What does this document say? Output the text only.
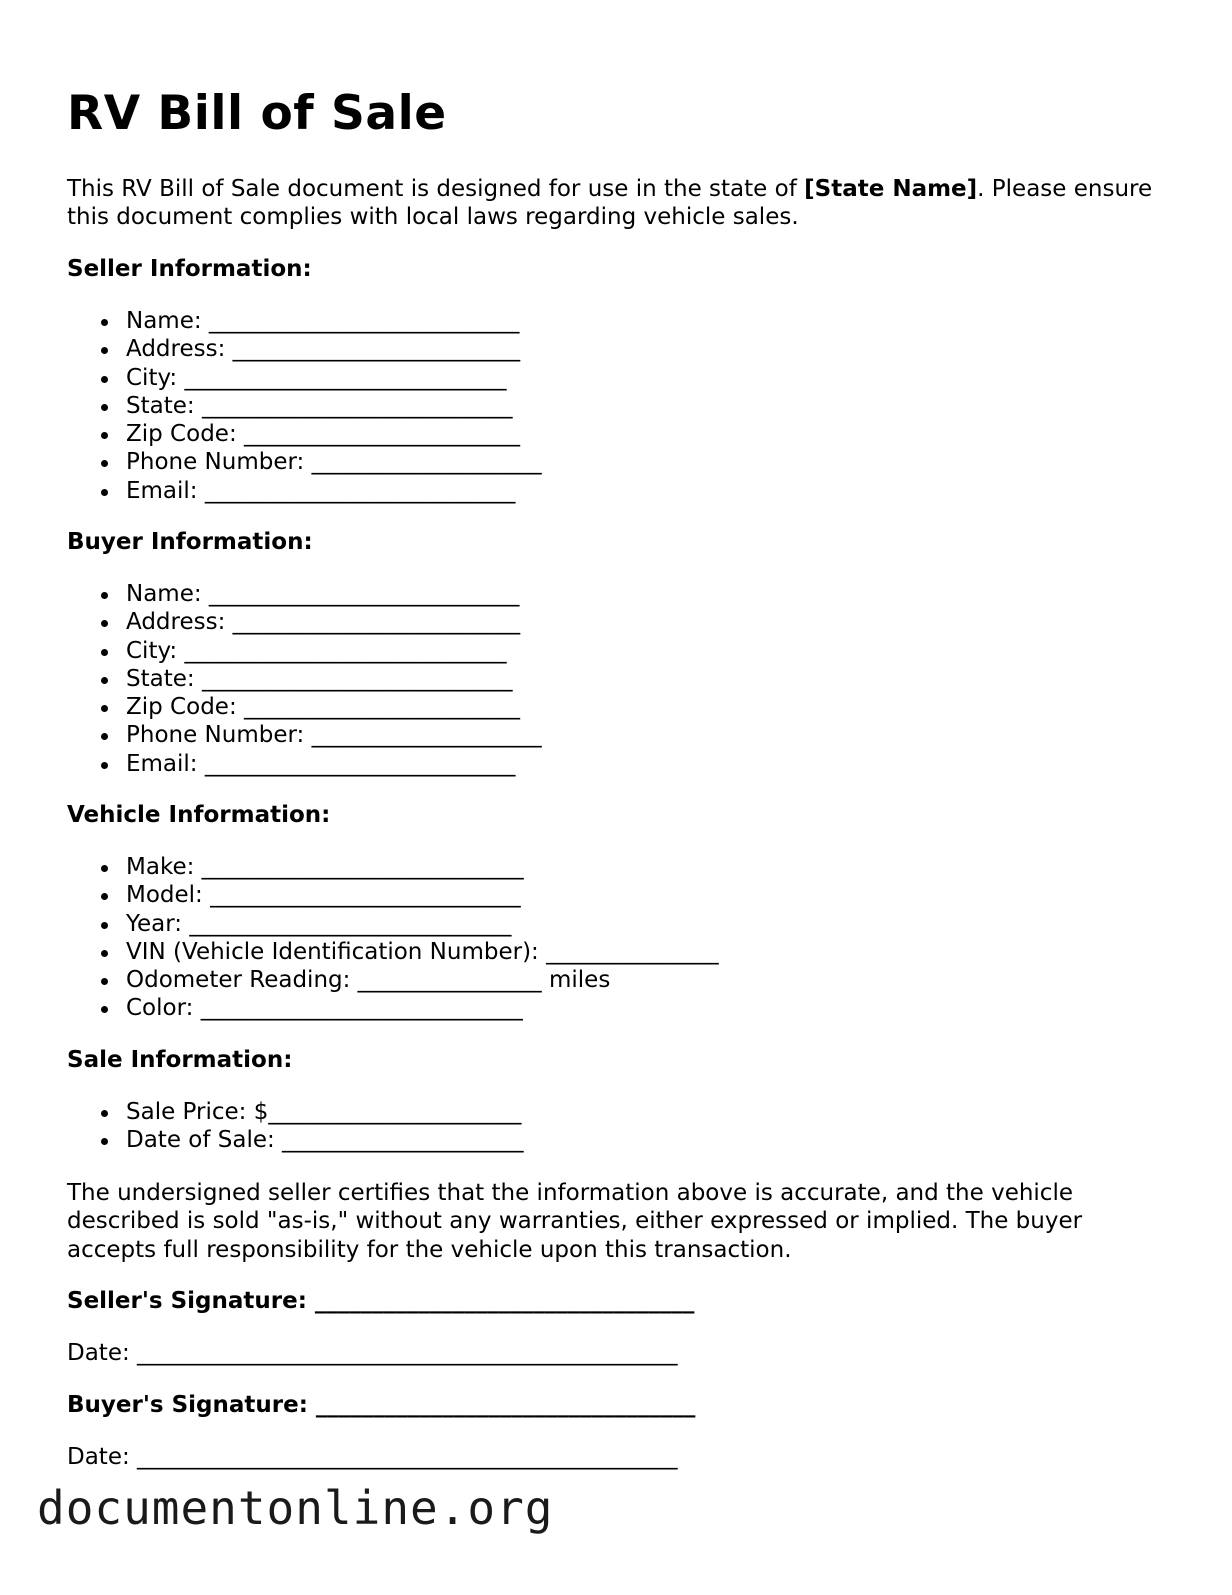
RV Bill of Sale

This RV Bill of Sale document is designed for use in the state of [State Name]. Please ensure this document complies with local laws regarding vehicle sales.

Seller Information:

Name: ___________________________
Address: _________________________
City: ____________________________
State: ___________________________
Zip Code: ________________________
Phone Number: ____________________
Email: ___________________________

Buyer Information:

Name: ___________________________
Address: _________________________
City: ____________________________
State: ___________________________
Zip Code: ________________________
Phone Number: ____________________
Email: ___________________________

Vehicle Information:

Make: ____________________________
Model: ___________________________
Year: ____________________________
VIN (Vehicle Identification Number): _______________
Odometer Reading: ________________ miles
Color: ____________________________

Sale Information:

Sale Price: $______________________
Date of Sale: _____________________

The undersigned seller certifies that the information above is accurate, and the vehicle described is sold "as-is," without any warranties, either expressed or implied. The buyer accepts full responsibility for the vehicle upon this transaction.

Seller's Signature: _________________________________

Date: _______________________________________________

Buyer's Signature: _________________________________

Date: _______________________________________________

documentonline.org
